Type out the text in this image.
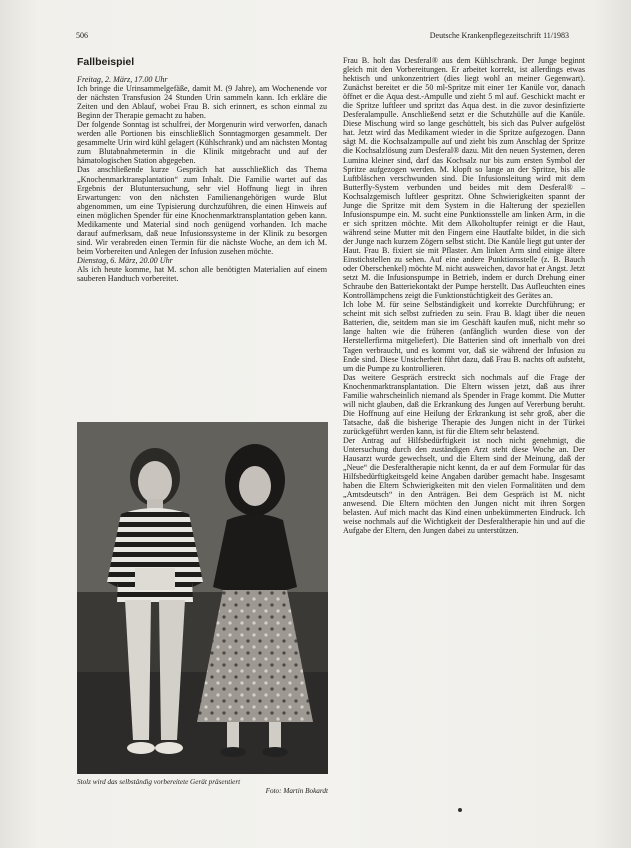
506	Deutsche Krankenpflegezeitschrift 11/1983
Fallbeispiel

Freitag, 2. März, 17.00 Uhr

Ich bringe die Urinsammelgefäße, damit M. (9 Jahre), am Wochenende vor der nächsten Transfusion 24 Stunden Urin sammeln kann. Ich erkläre die Zeiten und den Ablauf, wobei Frau B. sich erinnert, es schon einmal zu Beginn der Therapie gemacht zu haben.

Der folgende Sonntag ist schulfrei, der Morgenurin wird verworfen, danach werden alle Portionen bis einschließlich Sonntagmorgen gesammelt. Der gesammelte Urin wird kühl gelagert (Kühlschrank) und am nächsten Montag zum Blutabnahmetermin in die Klinik mitgebracht und auf der hämatologischen Station abgegeben.

Das anschließende kurze Gespräch hat ausschließlich das Thema „Knochenmarktransplantation“ zum Inhalt. Die Familie wartet auf das Ergebnis der Blutuntersuchung, sehr viel Hoffnung liegt in ihren Erwartungen: von den nächsten Familienangehörigen wurde Blut abgenommen, um eine Typisierung durchzuführen, die einen Hinweis auf einen möglichen Spender für eine Knochenmarktransplantation geben kann. Medikamente und Material sind noch genügend vorhanden. Ich mache darauf aufmerksam, daß neue Infusionssysteme in der Klinik zu besorgen sind. Wir verabreden einen Termin für die nächste Woche, an dem ich M. beim Vorbereiten und Anlegen der Infusion zusehen möchte.

Dienstag, 6. März, 20.00 Uhr

Als ich heute komme, hat M. schon alle benötigten Materialien auf einem sauberen Handtuch vorbereitet.

Stolz wird das selbständig vorbereitete Gerät präsentiert
Foto: Martin Bokardt

Frau B. holt das Desferal® aus dem Kühlschrank. Der Junge beginnt gleich mit den Vorbereitungen. Er arbeitet korrekt, ist allerdings etwas hektisch und unkonzentriert (dies liegt wohl an meiner Gegenwart). Zunächst bereitet er die 50 ml-Spritze mit einer 1er Kanüle vor, danach öffnet er die Aqua dest.-Ampulle und zieht 5 ml auf. Geschickt macht er die Spritze luftleer und spritzt das Aqua dest. in die zuvor desinfizierte Desferalampulle. Anschließend setzt er die Schutzhülle auf die Kanüle. Diese Mischung wird so lange geschüttelt, bis sich das Pulver aufgelöst hat. Jetzt wird das Medikament wieder in die Spritze aufgezogen. Dann sägt M. die Kochsalzampulle auf und zieht bis zum Anschlag der Spritze die Kochsalzlösung zum Desferal® dazu. Mit den neuen Systemen, deren Lumina kleiner sind, darf das Kochsalz nur bis zum ersten Symbol der Spritze aufgezogen werden. M. klopft so lange an der Spritze, bis alle Luftbläschen verschwunden sind. Die Infusionsleitung wird mit dem Butterfly-System verbunden und beides mit dem Desferal® – Kochsalzgemisch luftleer gespritzt. Ohne Schwierigkeiten spannt der Junge die Spritze mit dem System in die Halterung der speziellen Infusionspumpe ein. M. sucht eine Punktionsstelle am linken Arm, in die er sich spritzen möchte. Mit dem Alkoholtupfer reinigt er die Haut, während seine Mutter mit den Fingern eine Hautfalte bildet, in die sich der Junge nach kurzem Zögern selbst sticht. Die Kanüle liegt gut unter der Haut. Frau B. fixiert sie mit Pflaster. Am linken Arm sind einige ältere Einstichstellen zu sehen. Auf eine andere Punktionsstelle (z. B. Bauch oder Oberschenkel) möchte M. nicht ausweichen, davor hat er Angst. Jetzt setzt M. die Infusionspumpe in Betrieb, indem er durch Drehung einer Schraube den Batteriekontakt der Pumpe herstellt. Das Aufleuchten eines Kontrollämpchens zeigt die Funktionstüchtigkeit des Gerätes an.

Ich lobe M. für seine Selbständigkeit und korrekte Durchführung; er scheint mit sich selbst zufrieden zu sein. Frau B. klagt über die neuen Batterien, die, seitdem man sie im Geschäft kaufen muß, nicht mehr so lange halten wie die früheren (anfänglich wurden diese von der Herstellerfirma mitgeliefert). Die Batterien sind oft innerhalb von drei Tagen verbraucht, und es kommt vor, daß sie während der Infusion zu Ende sind. Diese Unsicherheit führt dazu, daß Frau B. nachts oft aufsteht, um die Pumpe zu kontrollieren.

Das weitere Gespräch erstreckt sich nochmals auf die Frage der Knochenmarktransplantation. Die Eltern wissen jetzt, daß aus ihrer Familie wahrscheinlich niemand als Spender in Frage kommt. Die Mutter will nicht glauben, daß die Erkrankung des Jungen auf Vererbung beruht. Die Hoffnung auf eine Heilung der Erkrankung ist sehr groß, aber die Tatsache, daß die bisherige Therapie des Jungen nicht in der Türkei zurückgeführt werden kann, ist für die Eltern sehr belastend.

Der Antrag auf Hilfsbedürftigkeit ist noch nicht genehmigt, die Untersuchung durch den zuständigen Arzt steht diese Woche an. Der Hausarzt wurde gewechselt, und die Eltern sind der Meinung, daß der „Neue“ die Desferaltherapie nicht kennt, da er auf dem Formular für das Hilfsbedürftigkeitsgeld keine Angaben darüber gemacht habe. Insgesamt haben die Eltern Schwierigkeiten mit den vielen Formalitäten und dem „Amtsdeutsch“ in den Anträgen. Bei dem Gespräch ist M. nicht anwesend. Die Eltern möchten den Jungen nicht mit ihren Sorgen belasten. Auf mich macht das Kind einen unbekümmerten Eindruck. Ich weise nochmals auf die Wichtigkeit der Desferaltherapie hin und auf die Aufgabe der Eltern, den Jungen dabei zu unterstützen.
